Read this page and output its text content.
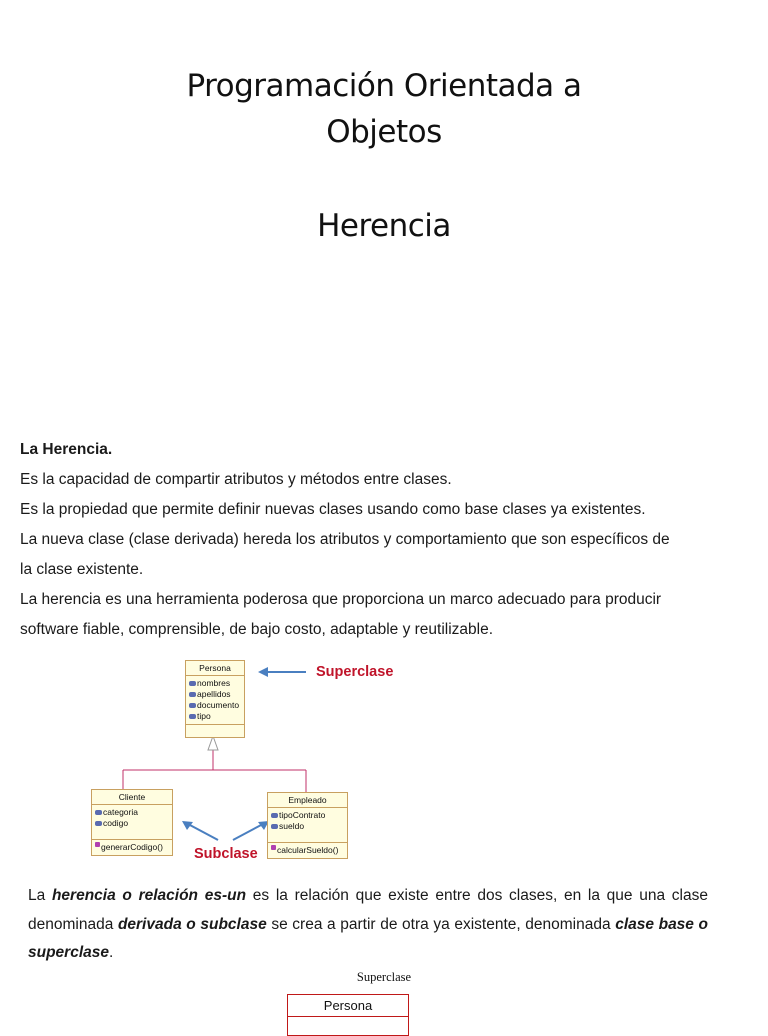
Programación Orientada a
Objetos
Herencia
La Herencia.
Es la capacidad de compartir atributos y métodos entre clases.
Es la propiedad que permite definir nuevas clases usando como base clases ya existentes.
La nueva clase (clase derivada) hereda los atributos y comportamiento que son específicos de
la clase existente.
La herencia es una herramienta poderosa que proporciona un marco adecuado para producir
software fiable, comprensible, de bajo costo, adaptable y reutilizable.
Persona
nombres
apellidos
documento
tipo
Cliente
categoria
codigo
generarCodigo()
Empleado
tipoContrato
sueldo
calcularSueldo()
Superclase
Subclase
La herencia o relación es-un es la relación que existe entre dos clases, en la que una clase denominada derivada o subclase se crea a partir de otra ya existente, denominada clase base o superclase.
Superclase
Persona
